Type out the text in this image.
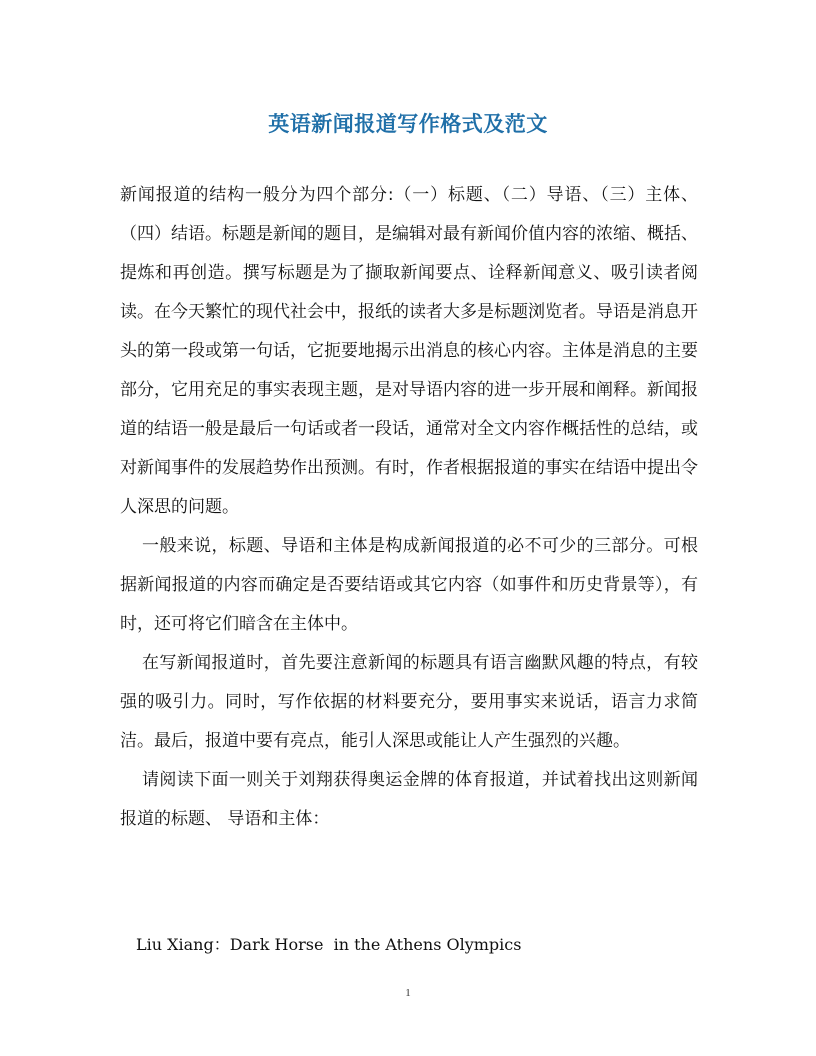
英语新闻报道写作格式及范文

新闻报道的结构一般分为四个部分:（一）标题、（二）导语、（三）主体、（四）结语。标题是新闻的题目，是编辑对最有新闻价值内容的浓缩、概括、提炼和再创造。撰写标题是为了撷取新闻要点、诠释新闻意义、吸引读者阅读。在今天繁忙的现代社会中，报纸的读者大多是标题浏览者。导语是消息开头的第一段或第一句话，它扼要地揭示出消息的核心内容。主体是消息的主要部分，它用充足的事实表现主题，是对导语内容的进一步开展和阐释。新闻报道的结语一般是最后一句话或者一段话，通常对全文内容作概括性的总结，或对新闻事件的发展趋势作出预测。有时，作者根据报道的事实在结语中提出令人深思的问题。

一般来说，标题、导语和主体是构成新闻报道的必不可少的三部分。可根据新闻报道的内容而确定是否要结语或其它内容（如事件和历史背景等），有时，还可将它们暗含在主体中。

在写新闻报道时，首先要注意新闻的标题具有语言幽默风趣的特点，有较强的吸引力。同时，写作依据的材料要充分，要用事实来说话，语言力求简洁。最后，报道中要有亮点，能引人深思或能让人产生强烈的兴趣。

请阅读下面一则关于刘翔获得奥运金牌的体育报道，并试着找出这则新闻报道的标题、 导语和主体：

Liu Xiang：Dark Horse  in the Athens Olympics
1
